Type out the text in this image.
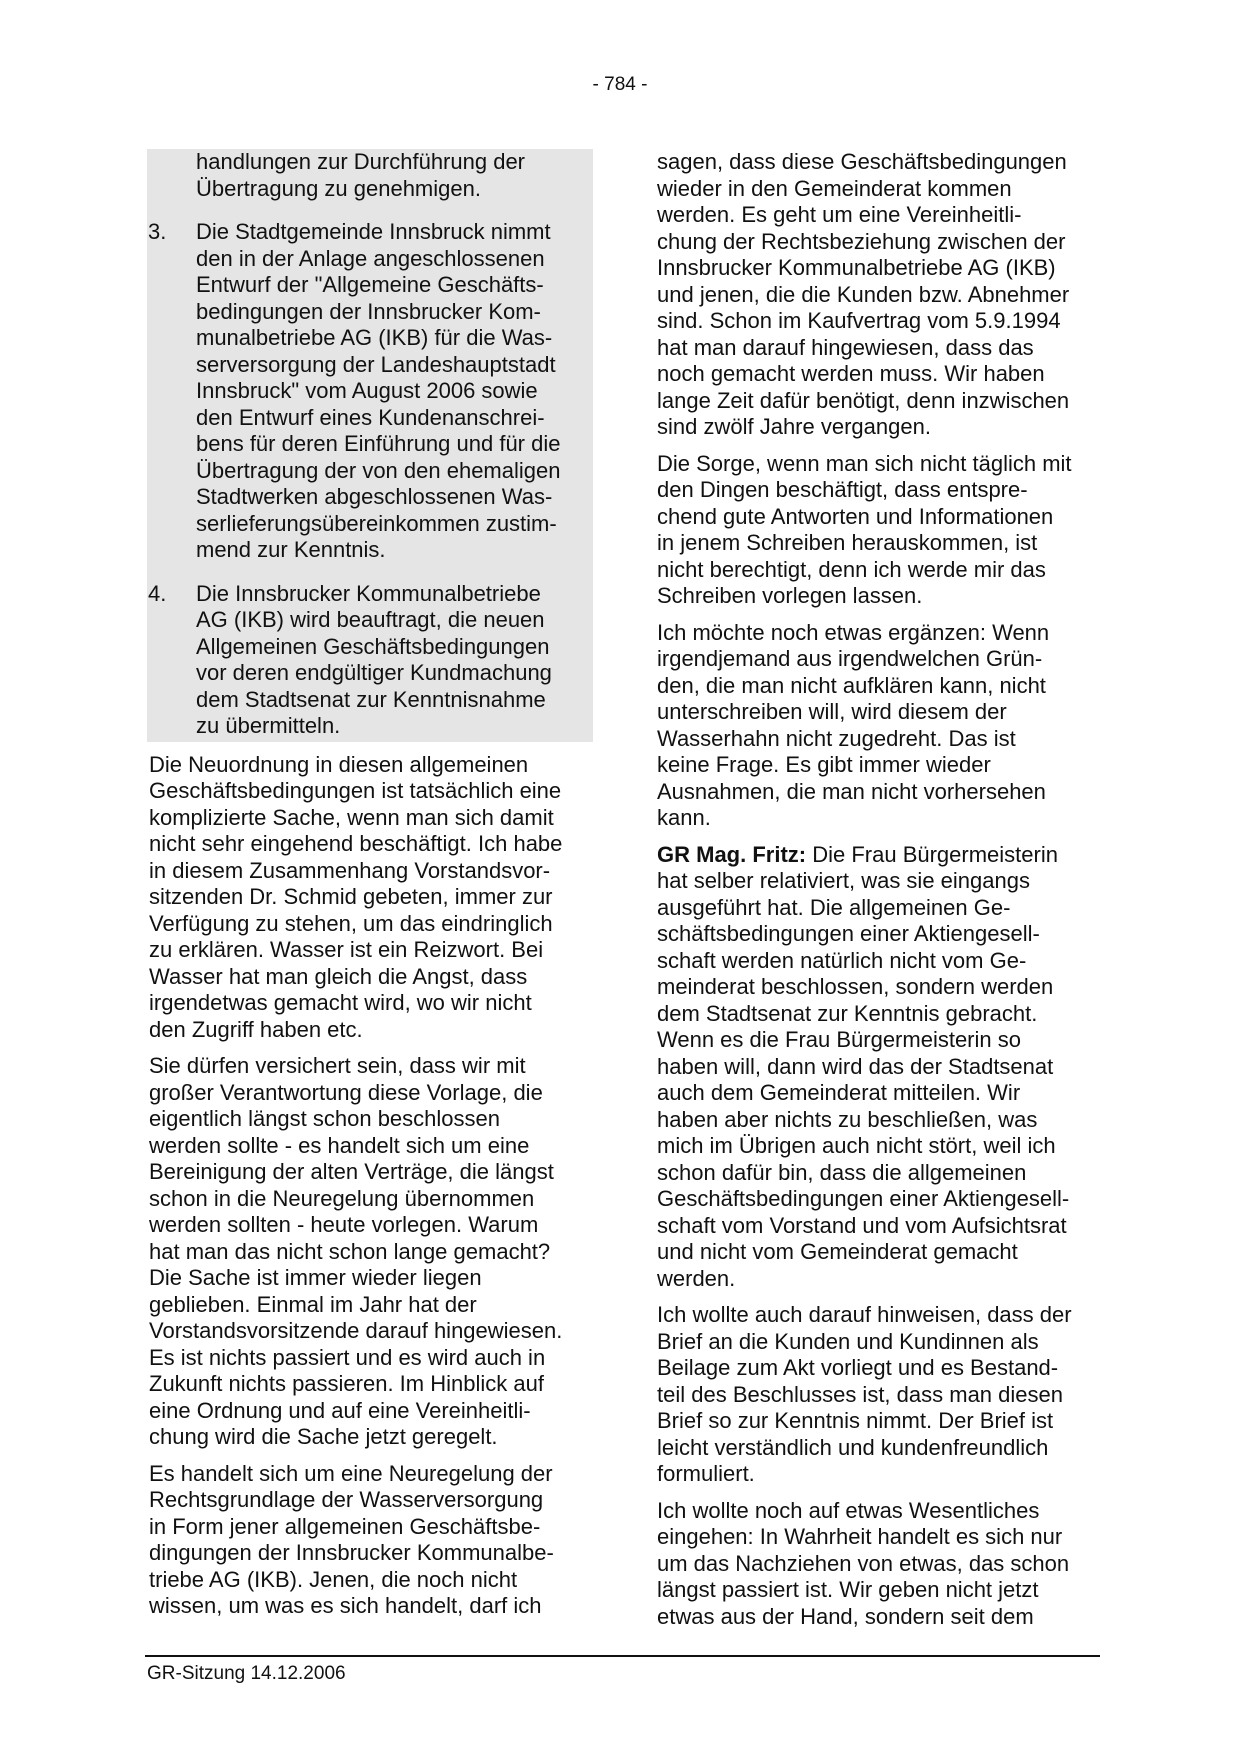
- 784 -
handlungen zur Durchführung der
Übertragung zu genehmigen.
3. Die Stadtgemeinde Innsbruck nimmt
den in der Anlage angeschlossenen
Entwurf der "Allgemeine Geschäfts-
bedingungen der Innsbrucker Kom-
munalbetriebe AG (IKB) für die Was-
serversorgung der Landeshauptstadt
Innsbruck" vom August 2006 sowie
den Entwurf eines Kundenanschrei-
bens für deren Einführung und für die
Übertragung der von den ehemaligen
Stadtwerken abgeschlossenen Was-
serlieferungsübereinkommen zustim-
mend zur Kenntnis.
4. Die Innsbrucker Kommunalbetriebe
AG (IKB) wird beauftragt, die neuen
Allgemeinen Geschäftsbedingungen
vor deren endgültiger Kundmachung
dem Stadtsenat zur Kenntnisnahme
zu übermitteln.
Die Neuordnung in diesen allgemeinen
Geschäftsbedingungen ist tatsächlich eine
komplizierte Sache, wenn man sich damit
nicht sehr eingehend beschäftigt. Ich habe
in diesem Zusammenhang Vorstandsvor-
sitzenden Dr. Schmid gebeten, immer zur
Verfügung zu stehen, um das eindringlich
zu erklären. Wasser ist ein Reizwort. Bei
Wasser hat man gleich die Angst, dass
irgendetwas gemacht wird, wo wir nicht
den Zugriff haben etc.
Sie dürfen versichert sein, dass wir mit
großer Verantwortung diese Vorlage, die
eigentlich längst schon beschlossen
werden sollte - es handelt sich um eine
Bereinigung der alten Verträge, die längst
schon in die Neuregelung übernommen
werden sollten - heute vorlegen. Warum
hat man das nicht schon lange gemacht?
Die Sache ist immer wieder liegen
geblieben. Einmal im Jahr hat der
Vorstandsvorsitzende darauf hingewiesen.
Es ist nichts passiert und es wird auch in
Zukunft nichts passieren. Im Hinblick auf
eine Ordnung und auf eine Vereinheitli-
chung wird die Sache jetzt geregelt.
Es handelt sich um eine Neuregelung der
Rechtsgrundlage der Wasserversorgung
in Form jener allgemeinen Geschäftsbe-
dingungen der Innsbrucker Kommunalbe-
triebe AG (IKB). Jenen, die noch nicht
wissen, um was es sich handelt, darf ich
sagen, dass diese Geschäftsbedingungen
wieder in den Gemeinderat kommen
werden. Es geht um eine Vereinheitli-
chung der Rechtsbeziehung zwischen der
Innsbrucker Kommunalbetriebe AG (IKB)
und jenen, die die Kunden bzw. Abnehmer
sind. Schon im Kaufvertrag vom 5.9.1994
hat man darauf hingewiesen, dass das
noch gemacht werden muss. Wir haben
lange Zeit dafür benötigt, denn inzwischen
sind zwölf Jahre vergangen.
Die Sorge, wenn man sich nicht täglich mit
den Dingen beschäftigt, dass entspre-
chend gute Antworten und Informationen
in jenem Schreiben herauskommen, ist
nicht berechtigt, denn ich werde mir das
Schreiben vorlegen lassen.
Ich möchte noch etwas ergänzen: Wenn
irgendjemand aus irgendwelchen Grün-
den, die man nicht aufklären kann, nicht
unterschreiben will, wird diesem der
Wasserhahn nicht zugedreht. Das ist
keine Frage. Es gibt immer wieder
Ausnahmen, die man nicht vorhersehen
kann.
GR Mag. Fritz: Die Frau Bürgermeisterin
hat selber relativiert, was sie eingangs
ausgeführt hat. Die allgemeinen Ge-
schäftsbedingungen einer Aktiengesell-
schaft werden natürlich nicht vom Ge-
meinderat beschlossen, sondern werden
dem Stadtsenat zur Kenntnis gebracht.
Wenn es die Frau Bürgermeisterin so
haben will, dann wird das der Stadtsenat
auch dem Gemeinderat mitteilen. Wir
haben aber nichts zu beschließen, was
mich im Übrigen auch nicht stört, weil ich
schon dafür bin, dass die allgemeinen
Geschäftsbedingungen einer Aktiengesell-
schaft vom Vorstand und vom Aufsichtsrat
und nicht vom Gemeinderat gemacht
werden.
Ich wollte auch darauf hinweisen, dass der
Brief an die Kunden und Kundinnen als
Beilage zum Akt vorliegt und es Bestand-
teil des Beschlusses ist, dass man diesen
Brief so zur Kenntnis nimmt. Der Brief ist
leicht verständlich und kundenfreundlich
formuliert.
Ich wollte noch auf etwas Wesentliches
eingehen: In Wahrheit handelt es sich nur
um das Nachziehen von etwas, das schon
längst passiert ist. Wir geben nicht jetzt
etwas aus der Hand, sondern seit dem
GR-Sitzung 14.12.2006
